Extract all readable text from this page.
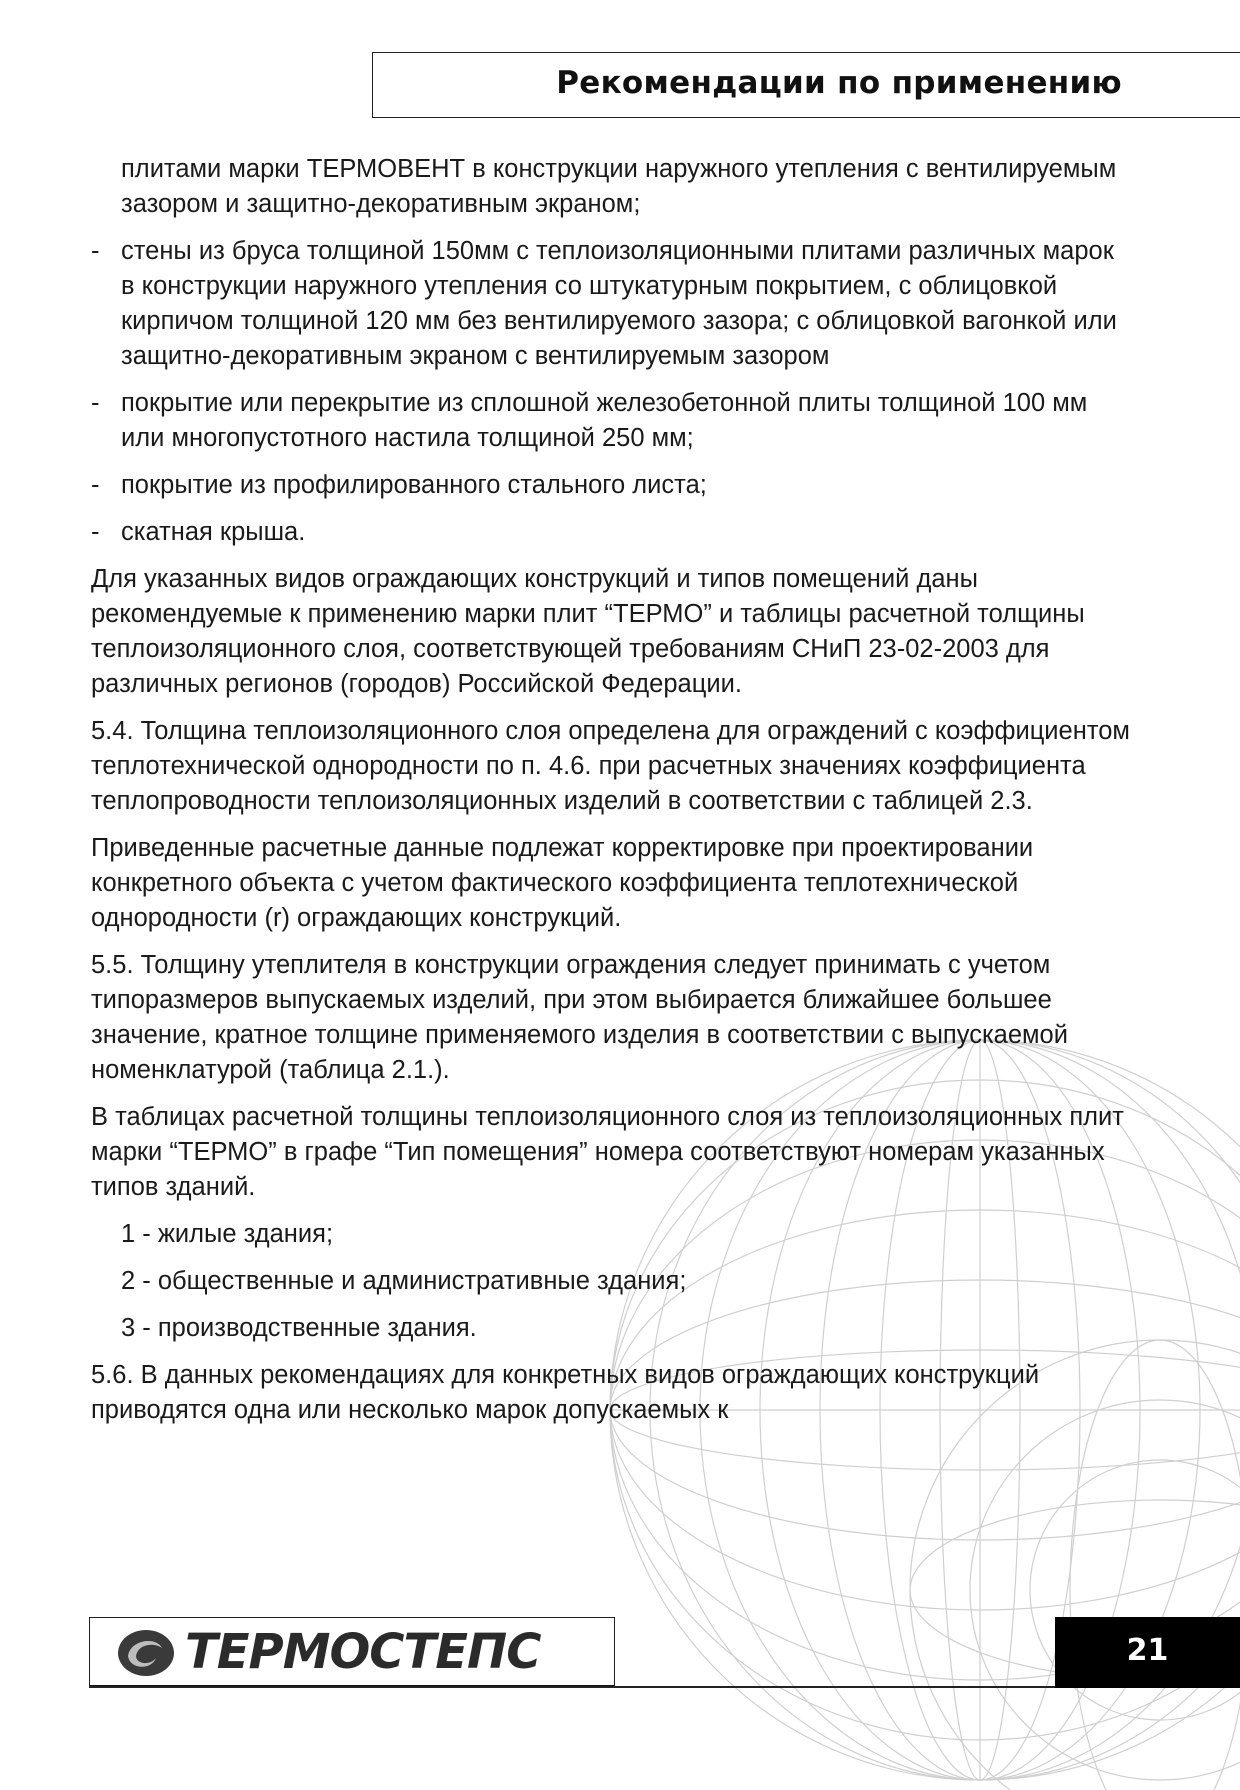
Рекомендации по применению

плитами марки ТЕРМОВЕНТ в конструкции наружного утепления с вентилируемым зазором и защитно-декоративным экраном;

- стены из бруса толщиной 150мм с теплоизоляционными плитами различных марок в конструкции наружного утепления со штукатурным покрытием, с облицовкой кирпичом толщиной 120 мм без вентилируемого зазора; с облицовкой вагонкой или защитно-декоративным экраном с вентилируемым зазором

- покрытие или перекрытие из сплошной железобетонной плиты толщиной 100 мм или многопустотного настила толщиной 250 мм;

- покрытие из профилированного стального листа;

- скатная крыша.

Для указанных видов ограждающих конструкций и типов помещений даны рекомендуемые к применению марки плит “ТЕРМО” и таблицы расчетной толщины теплоизоляционного слоя, соответствующей требованиям СНиП 23-02-2003 для различных регионов (городов) Российской Федерации.

5.4. Толщина теплоизоляционного слоя определена для ограждений с коэффициентом теплотехнической однородности по п. 4.6. при расчетных значениях коэффициента теплопроводности теплоизоляционных изделий в соответствии с таблицей 2.3.

Приведенные расчетные данные подлежат корректировке при проектировании конкретного объекта с учетом фактического коэффициента теплотехнической однородности (r) ограждающих конструкций.

5.5. Толщину утеплителя в конструкции ограждения следует принимать с учетом типоразмеров выпускаемых изделий, при этом выбирается ближайшее большее значение, кратное толщине применяемого изделия в соответствии с выпускаемой номенклатурой (таблица 2.1.).

В таблицах расчетной толщины теплоизоляционного слоя из теплоизоляционных плит марки “ТЕРМО” в графе “Тип помещения” номера соответствуют номерам указанных типов зданий.

1 - жилые здания;

2 - общественные и административные здания;

3 - производственные здания.

5.6. В данных рекомендациях для конкретных видов ограждающих конструкций приводятся одна или несколько марок допускаемых к

ТЕРМОСТЕПС	21
